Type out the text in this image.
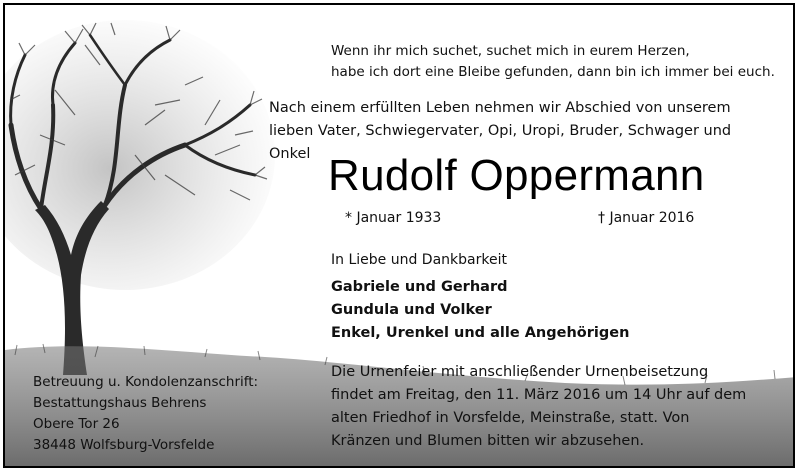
Wenn ihr mich suchet, suchet mich in eurem Herzen,
habe ich dort eine Bleibe gefunden, dann bin ich immer bei euch.
Nach einem erfüllten Leben nehmen wir Abschied von unserem
lieben Vater, Schwiegervater, Opi, Uropi, Bruder, Schwager und
Onkel Rudolf Oppermann
* Januar 1933	† Januar 2016
In Liebe und Dankbarkeit
Gabriele und Gerhard
Gundula und Volker
Enkel, Urenkel und alle Angehörigen
Betreuung u. Kondolenzanschrift:
Bestattungshaus Behrens
Obere Tor 26
38448 Wolfsburg-Vorsfelde
Die Urnenfeier mit anschließender Urnenbeisetzung
findet am Freitag, den 11. März 2016 um 14 Uhr auf dem
alten Friedhof in Vorsfelde, Meinstraße, statt. Von
Kränzen und Blumen bitten wir abzusehen.
